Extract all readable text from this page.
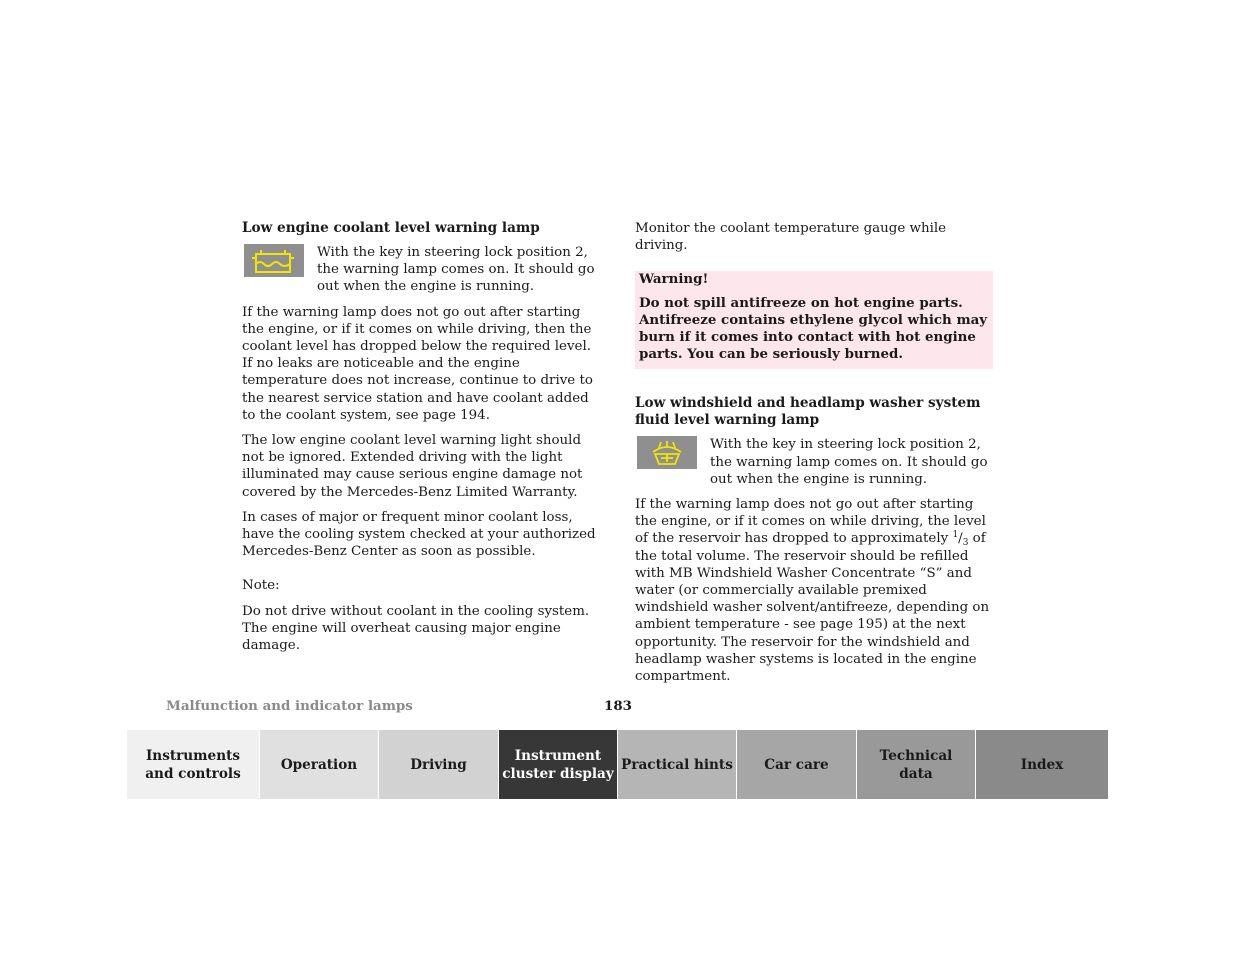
Low engine coolant level warning lamp
With the key in steering lock position 2, the warning lamp comes on. It should go out when the engine is running.

If the warning lamp does not go out after starting the engine, or if it comes on while driving, then the coolant level has dropped below the required level. If no leaks are noticeable and the engine temperature does not increase, continue to drive to the nearest service station and have coolant added to the coolant system, see page 194.

The low engine coolant level warning light should not be ignored. Extended driving with the light illuminated may cause serious engine damage not covered by the Mercedes-Benz Limited Warranty.

In cases of major or frequent minor coolant loss, have the cooling system checked at your authorized Mercedes-Benz Center as soon as possible.

Note:

Do not drive without coolant in the cooling system. The engine will overheat causing major engine damage.

Monitor the coolant temperature gauge while driving.

Warning!

Do not spill antifreeze on hot engine parts. Antifreeze contains ethylene glycol which may burn if it comes into contact with hot engine parts. You can be seriously burned.

Low windshield and headlamp washer system fluid level warning lamp
With the key in steering lock position 2, the warning lamp comes on. It should go out when the engine is running.

If the warning lamp does not go out after starting the engine, or if it comes on while driving, the level of the reservoir has dropped to approximately $^1/_3$ of the total volume. The reservoir should be refilled with MB Windshield Washer Concentrate “S” and water (or commercially available premixed windshield washer solvent/antifreeze, depending on ambient temperature - see page 195) at the next opportunity. The reservoir for the windshield and headlamp washer systems is located in the engine compartment.

Malfunction and indicator lamps	183
Instruments
and controls
Operation	Driving
Instrument
cluster display
Practical hints Car care
Technical
data
Index
